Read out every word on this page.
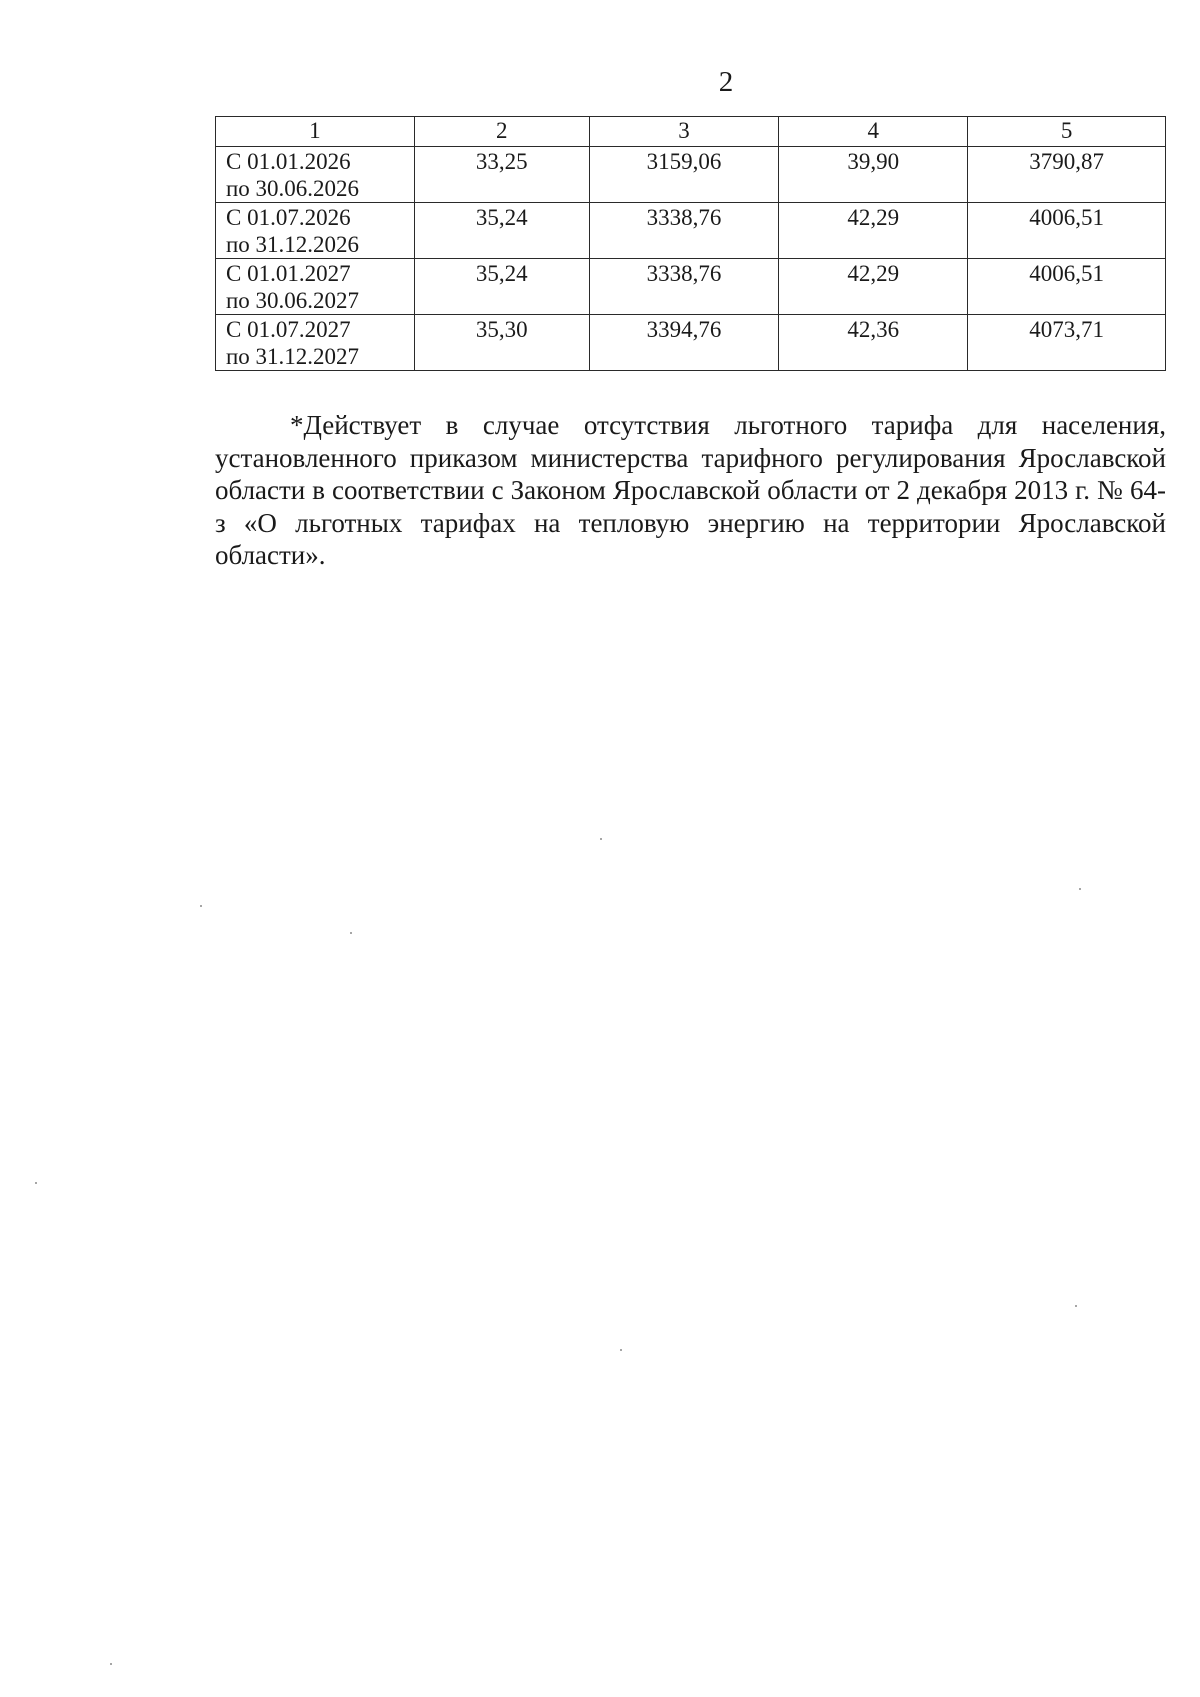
2
1	2	3	4	5

С 01.01.2026
по 30.06.2026	33,25	3159,06	39,90	3790,87

С 01.07.2026
по 31.12.2026	35,24	3338,76	42,29	4006,51

С 01.01.2027
по 30.06.2027	35,24	3338,76	42,29	4006,51

С 01.07.2027
по 31.12.2027	35,30	3394,76	42,36	4073,71

*Действует в случае отсутствия льготного тарифа для населения, установленного приказом министерства тарифного регулирования Ярославской области в соответствии с Законом Ярославской области от 2 декабря 2013 г. № 64-з «О льготных тарифах на тепловую энергию на территории Ярославской области».
